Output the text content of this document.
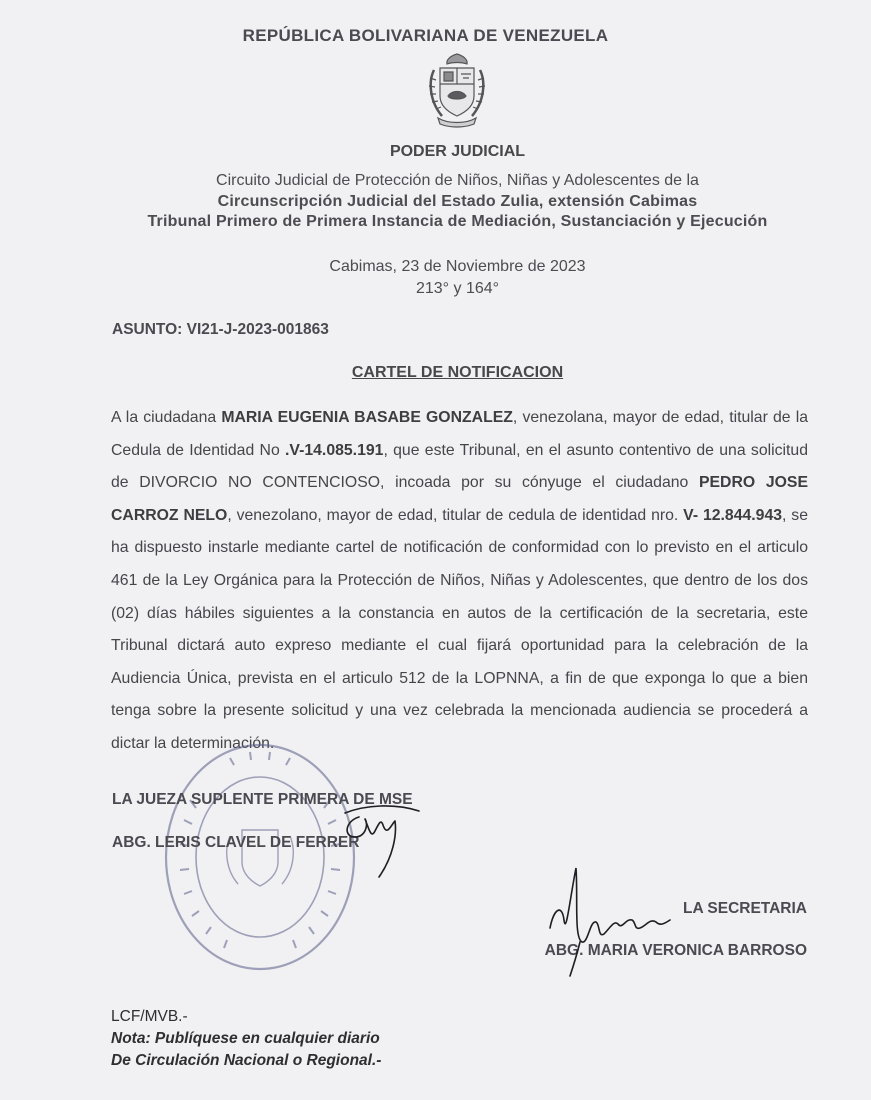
REPÚBLICA BOLIVARIANA DE VENEZUELA
PODER JUDICIAL
Circuito Judicial de Protección de Niños, Niñas y Adolescentes de la
Circunscripción Judicial del Estado Zulia, extensión Cabimas
Tribunal Primero de Primera Instancia de Mediación, Sustanciación y Ejecución
Cabimas, 23 de Noviembre de 2023
213° y 164°
ASUNTO: VI21-J-2023-001863
CARTEL DE NOTIFICACION
A la ciudadana MARIA EUGENIA BASABE GONZALEZ, venezolana, mayor de edad, titular de la Cedula de Identidad No .V-14.085.191, que este Tribunal, en el asunto contentivo de una solicitud de DIVORCIO NO CONTENCIOSO, incoada por su cónyuge el ciudadano PEDRO JOSE CARROZ NELO, venezolano, mayor de edad, titular de cedula de identidad nro. V- 12.844.943, se ha dispuesto instarle mediante cartel de notificación de conformidad con lo previsto en el articulo 461 de la Ley Orgánica para la Protección de Niños, Niñas y Adolescentes, que dentro de los dos (02) días hábiles siguientes a la constancia en autos de la certificación de la secretaria, este Tribunal dictará auto expreso mediante el cual fijará oportunidad para la celebración de la Audiencia Única, prevista en el articulo 512 de la LOPNNA, a fin de que exponga lo que a bien tenga sobre la presente solicitud y una vez celebrada la mencionada audiencia se procederá a dictar la determinación.
LA JUEZA SUPLENTE PRIMERA DE MSE
ABG. LERIS CLAVEL DE FERRER
LA SECRETARIA
ABG. MARIA VERONICA BARROSO
LCF/MVB.-
Nota: Publíquese en cualquier diario
De Circulación Nacional o Regional.-
